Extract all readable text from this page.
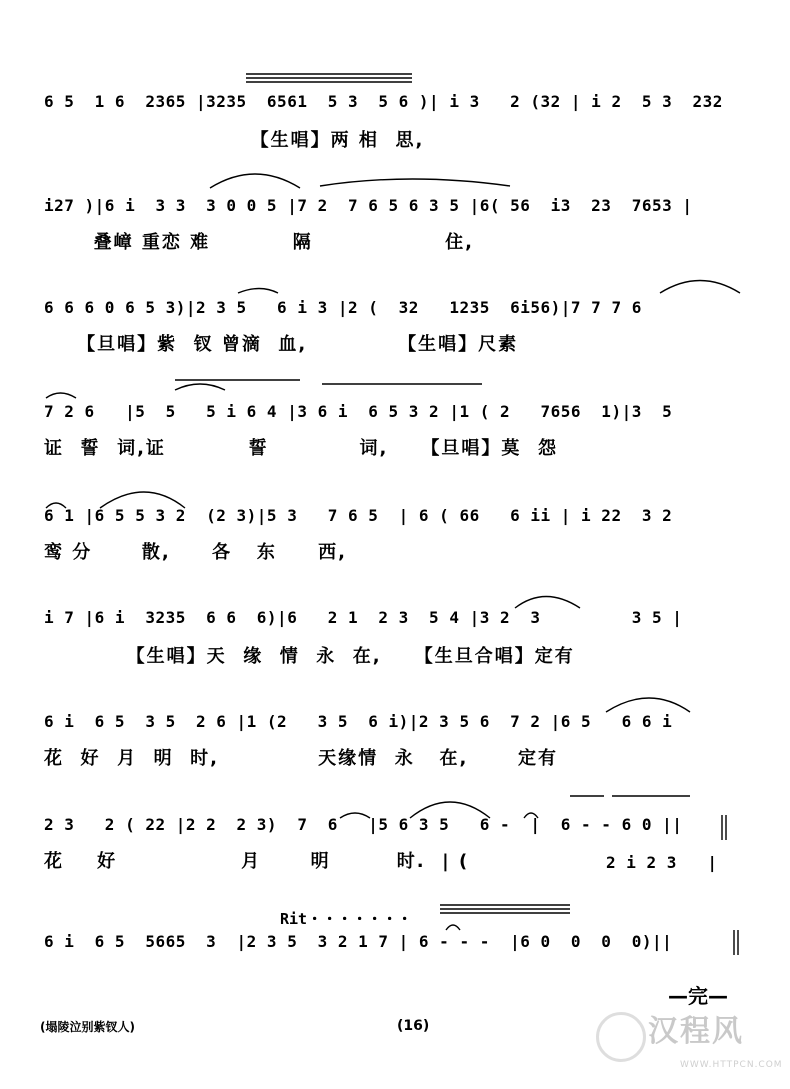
6 5  1 6  2365 |3235  6561  5 3  5 6 )| i 3   2 (32 | i 2  5 3  232
【生唱】两 相  思,
i27 )|6 i  3 3  3 0 0 5 |7 2  7 6 5 6 3 5 |6( 56  i3  23  7653 |
叠嶂 重恋 难          隔                住,
6 6 6 0 6 5 3)|2 3 5   6 i 3 |2 (  32   1235  6i56)|7 7 7 6
【旦唱】紫  钗 曾滴  血,           【生唱】尺素
7 2 6   |5  5   5 i 6 4 |3 6 i  6 5 3 2 |1 ( 2   7656  1)|3  5
证  誓  词,证          誓           词,    【旦唱】莫  怨
6 1 |6 5 5 3 2  (2 3)|5 3   7 6 5  | 6 ( 66   6 ii | i 22  3 2
鸾 分      散,     各   东     西,
i 7 |6 i  3235  6 6  6)|6   2 1  2 3  5 4 |3 2  3         3 5 |
【生唱】天  缘  情  永  在,    【生旦合唱】定有
6 i  6 5  3 5  2 6 |1 (2   3 5  6 i)|2 3 5 6  7 2 |6 5   6 6 i
花  好  月  明  时,            天缘情  永   在,      定有
2 3   2 ( 22 |2 2  2 3)  7  6   |5 6 3 5   6 -  |  6 - - 6 0 ||
花    好               月      明        时.  | (	2 i 2 3   |
Rit・・・・・・・
6 i  6 5  5665  3  |2 3 5  3 2 1 7 | 6 - - -  |6 0  0  0  0)||
—完—
(塌陵泣别紫钗人)	(16)	汉程风
WWW.HTTPCN.COM
